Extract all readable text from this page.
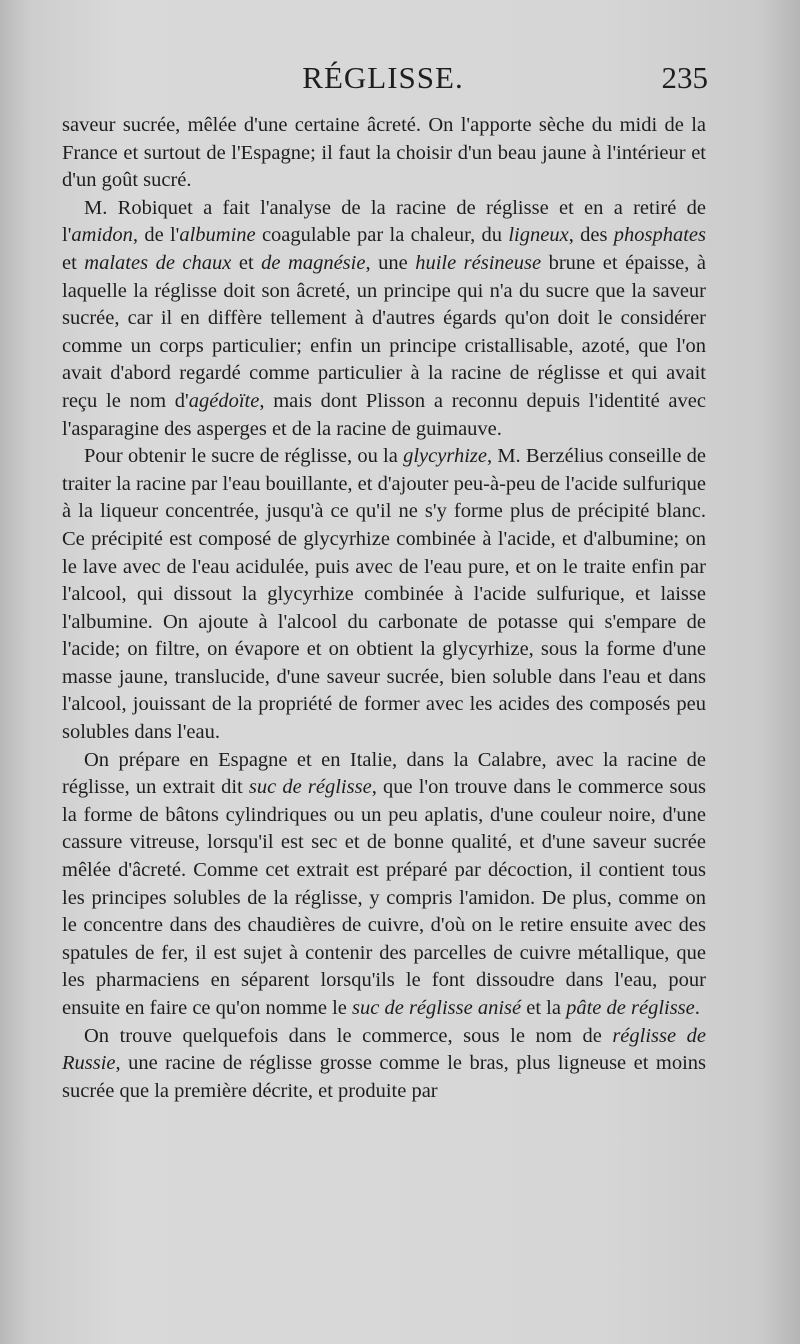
RÉGLISSE.	235

saveur sucrée, mêlée d'une certaine âcreté. On l'apporte sèche du midi de la France et surtout de l'Espagne; il faut la choisir d'un beau jaune à l'intérieur et d'un goût sucré.

M. Robiquet a fait l'analyse de la racine de réglisse et en a retiré de l'amidon, de l'albumine coagulable par la chaleur, du ligneux, des phosphates et malates de chaux et de magnésie, une huile résineuse brune et épaisse, à laquelle la réglisse doit son âcreté, un principe qui n'a du sucre que la saveur sucrée, car il en diffère tellement à d'autres égards qu'on doit le considérer comme un corps particulier; enfin un principe cristallisable, azoté, que l'on avait d'abord regardé comme particulier à la racine de réglisse et qui avait reçu le nom d'agédoïte, mais dont Plisson a reconnu depuis l'identité avec l'asparagine des asperges et de la racine de guimauve.

Pour obtenir le sucre de réglisse, ou la glycyrhize, M. Berzélius conseille de traiter la racine par l'eau bouillante, et d'ajouter peu-à-peu de l'acide sulfurique à la liqueur concentrée, jusqu'à ce qu'il ne s'y forme plus de précipité blanc. Ce précipité est composé de glycyrhize combinée à l'acide, et d'albumine; on le lave avec de l'eau acidulée, puis avec de l'eau pure, et on le traite enfin par l'alcool, qui dissout la glycyrhize combinée à l'acide sulfurique, et laisse l'albumine. On ajoute à l'alcool du carbonate de potasse qui s'empare de l'acide; on filtre, on évapore et on obtient la glycyrhize, sous la forme d'une masse jaune, translucide, d'une saveur sucrée, bien soluble dans l'eau et dans l'alcool, jouissant de la propriété de former avec les acides des composés peu solubles dans l'eau.

On prépare en Espagne et en Italie, dans la Calabre, avec la racine de réglisse, un extrait dit suc de réglisse, que l'on trouve dans le commerce sous la forme de bâtons cylindriques ou un peu aplatis, d'une couleur noire, d'une cassure vitreuse, lorsqu'il est sec et de bonne qualité, et d'une saveur sucrée mêlée d'âcreté. Comme cet extrait est préparé par décoction, il contient tous les principes solubles de la réglisse, y compris l'amidon. De plus, comme on le concentre dans des chaudières de cuivre, d'où on le retire ensuite avec des spatules de fer, il est sujet à contenir des parcelles de cuivre métallique, que les pharmaciens en séparent lorsqu'ils le font dissoudre dans l'eau, pour ensuite en faire ce qu'on nomme le suc de réglisse anisé et la pâte de réglisse.

On trouve quelquefois dans le commerce, sous le nom de réglisse de Russie, une racine de réglisse grosse comme le bras, plus ligneuse et moins sucrée que la première décrite, et produite par
